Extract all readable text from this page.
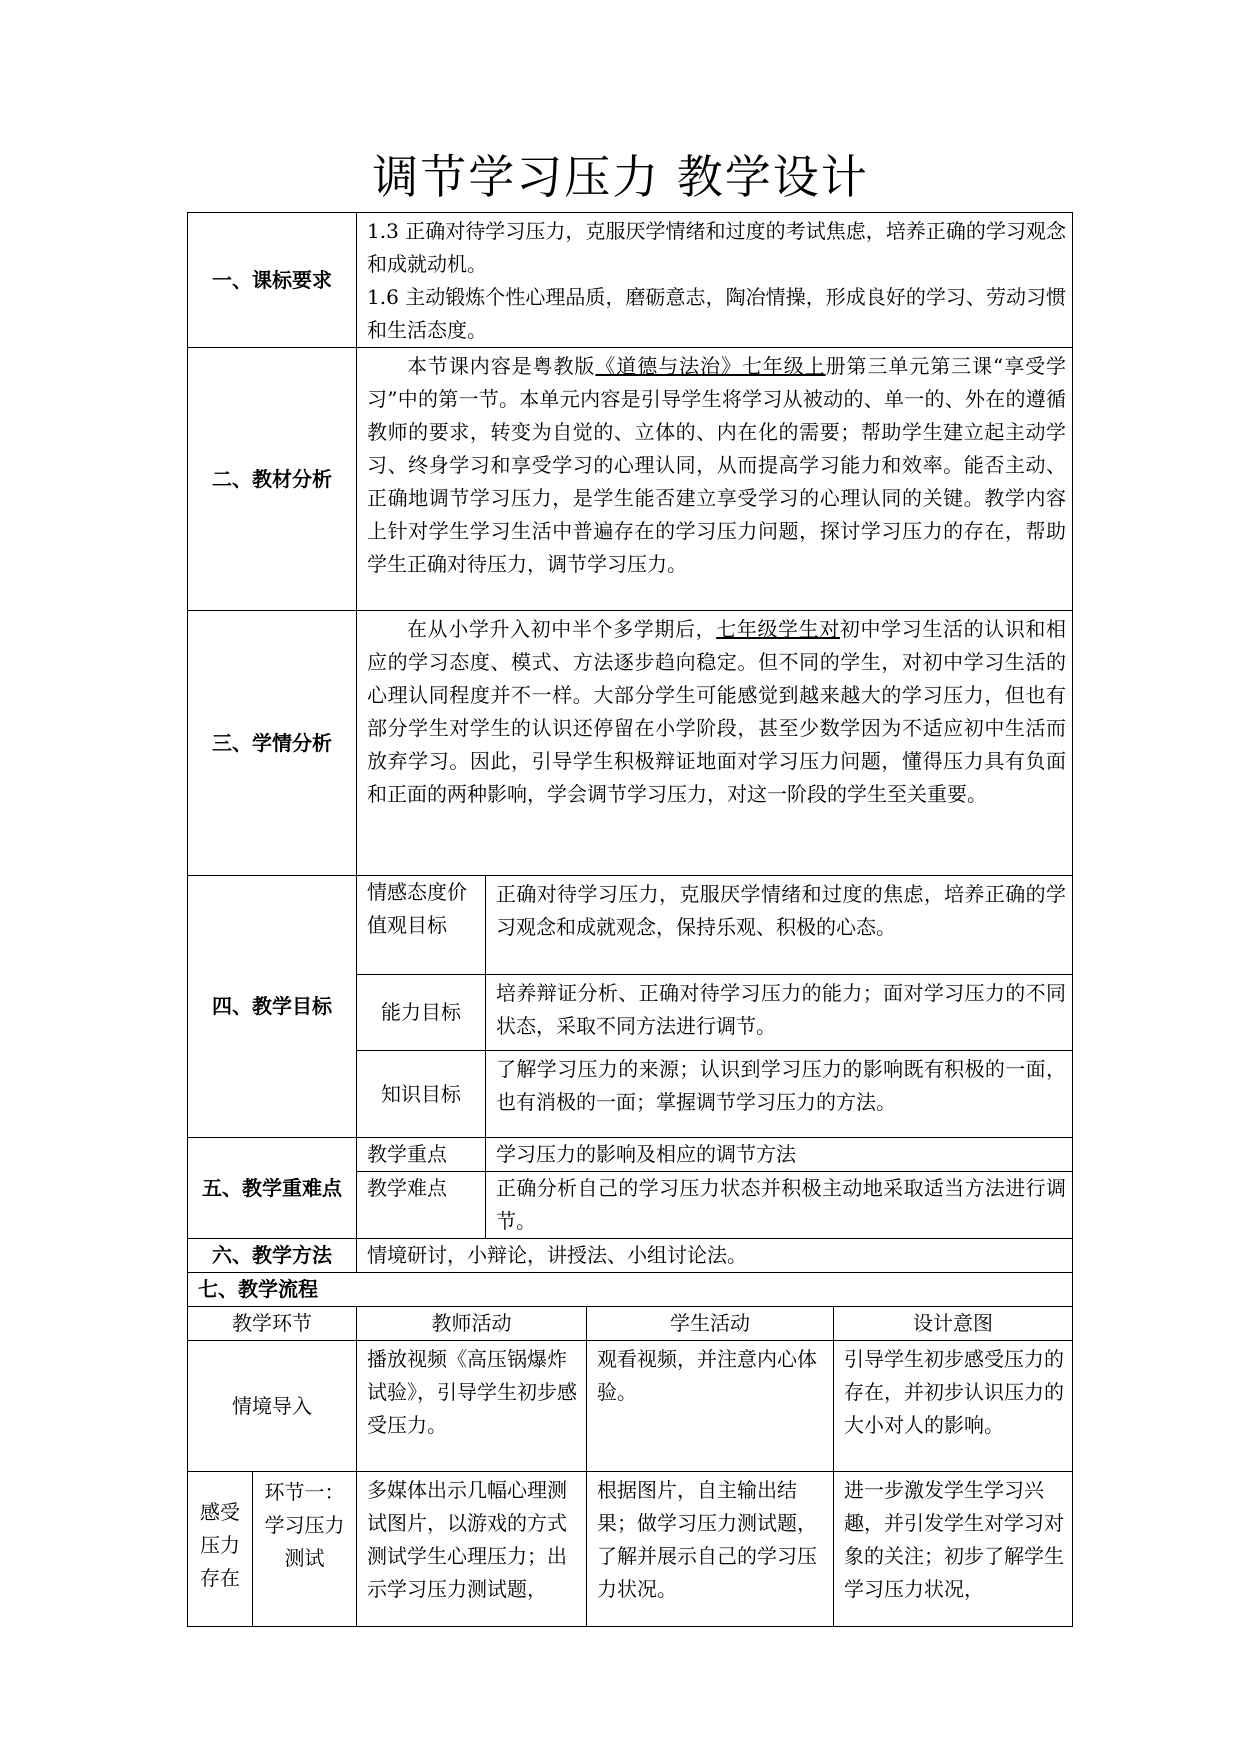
调节学习压力 教学设计
一、课标要求		1.3 正确对待学习压力，克服厌学情绪和过度的考试焦虑，培养正确的学习观念和成就动机。
1.6 主动锻炼个性心理品质，磨砺意志，陶冶情操，形成良好的学习、劳动习惯和生活态度。			

二、教材分析		本节课内容是粤教版《道德与法治》七年级上册第三单元第三课“享受学习”中的第一节。本单元内容是引导学生将学习从被动的、单一的、外在的遵循教师的要求，转变为自觉的、立体的、内在化的需要；帮助学生建立起主动学习、终身学习和享受学习的心理认同，从而提高学习能力和效率。能否主动、正确地调节学习压力，是学生能否建立享受学习的心理认同的关键。教学内容上针对学生学习生活中普遍存在的学习压力问题，探讨学习压力的存在，帮助学生正确对待压力，调节学习压力。			
三、学情分析		在从小学升入初中半个多学期后，七年级学生对初中学习生活的认识和相应的学习态度、模式、方法逐步趋向稳定。但不同的学生，对初中学习生活的心理认同程度并不一样。大部分学生可能感觉到越来越大的学习压力，但也有部分学生对学生的认识还停留在小学阶段，甚至少数学因为不适应初中生活而放弃学习。因此，引导学生积极辩证地面对学习压力问题，懂得压力具有负面和正面的两种影响，学会调节学习压力，对这一阶段的学生至关重要。			
四、教学目标		情感态度价值观目标	正确对待学习压力，克服厌学情绪和过度的焦虑，培养正确的学习观念和成就观念，保持乐观、积极的心态。		
		能力目标	培养辩证分析、正确对待学习压力的能力；面对学习压力的不同状态，采取不同方法进行调节。		
		知识目标	了解学习压力的来源；认识到学习压力的影响既有积极的一面，也有消极的一面；掌握调节学习压力的方法。		
五、教学重难点		教学重点	学习压力的影响及相应的调节方法		
		教学难点	正确分析自己的学习压力状态并积极主动地采取适当方法进行调节。		
六、教学方法		情境研讨，小辩论，讲授法、小组讨论法。			
七、教学流程					
教学环节		教师活动		学生活动	设计意图
情境导入		播放视频《高压锅爆炸试验》，引导学生初步感受压力。		观看视频，并注意内心体验。	引导学生初步感受压力的存在，并初步认识压力的大小对人的影响。
感受压力存在	环节一：学习压力测试	多媒体出示几幅心理测试图片，以游戏的方式测试学生心理压力；出示学习压力测试题，		根据图片，自主输出结果；做学习压力测试题，了解并展示自己的学习压力状况。	进一步激发学生学习兴趣，并引发学生对学习对象的关注；初步了解学生学习压力状况，
